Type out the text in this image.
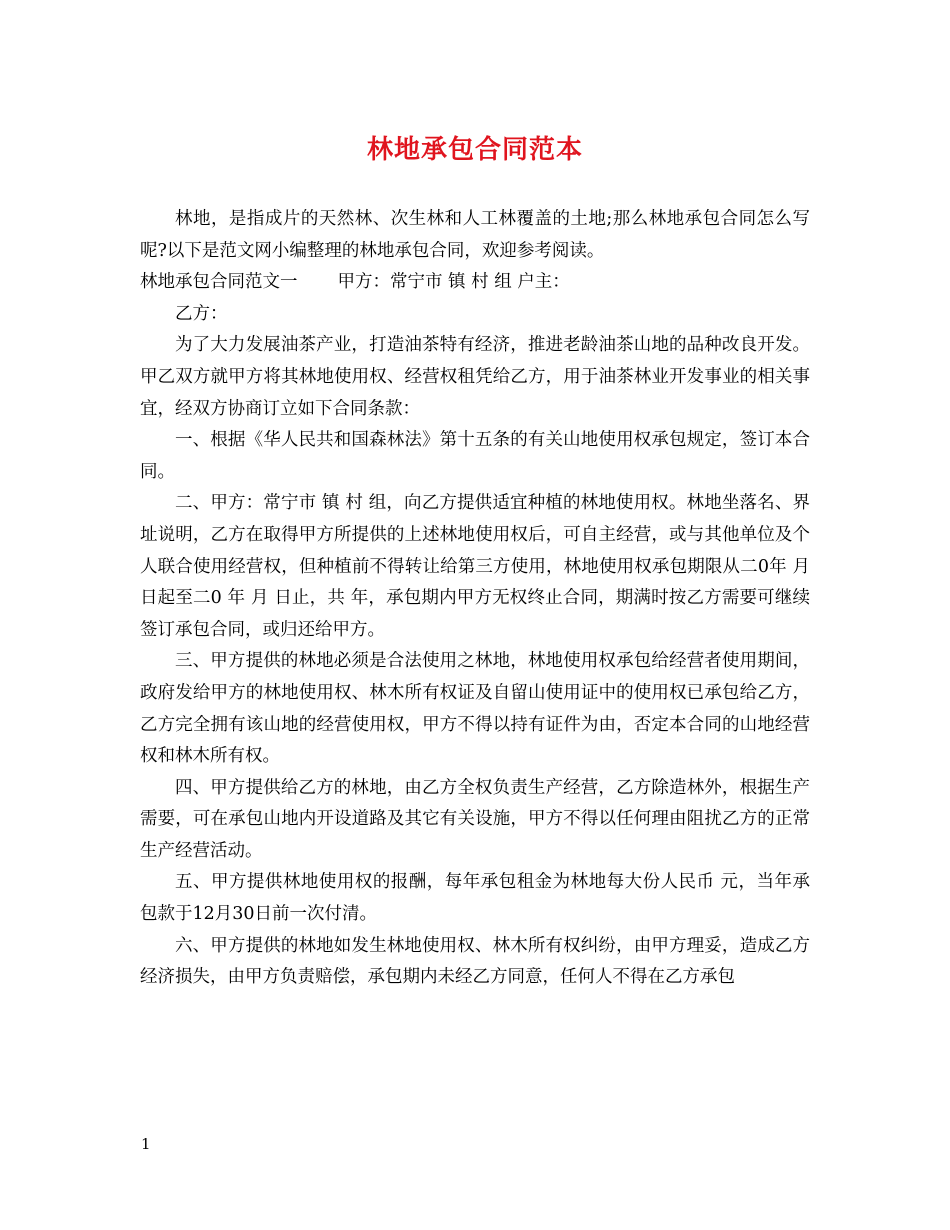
林地承包合同范本

林地，是指成片的天然林、次生林和人工林覆盖的土地;那么林地承包合同怎么写呢?以下是范文网小编整理的林地承包合同，欢迎参考阅读。

林地承包合同范文一 甲方：常宁市 镇 村 组 户主：

乙方：

为了大力发展油茶产业，打造油茶特有经济，推进老龄油茶山地的品种改良开发。甲乙双方就甲方将其林地使用权、经营权租凭给乙方，用于油茶林业开发事业的相关事宜，经双方协商订立如下合同条款：

一、根据《华人民共和国森林法》第十五条的有关山地使用权承包规定，签订本合同。

二、甲方：常宁市 镇 村 组，向乙方提供适宜种植的林地使用权。林地坐落名、界址说明，乙方在取得甲方所提供的上述林地使用权后，可自主经营，或与其他单位及个人联合使用经营权，但种植前不得转让给第三方使用，林地使用权承包期限从二0年 月 日起至二0 年 月 日止，共 年，承包期内甲方无权终止合同，期满时按乙方需要可继续签订承包合同，或归还给甲方。

三、甲方提供的林地必须是合法使用之林地，林地使用权承包给经营者使用期间，政府发给甲方的林地使用权、林木所有权证及自留山使用证中的使用权已承包给乙方，乙方完全拥有该山地的经营使用权，甲方不得以持有证件为由，否定本合同的山地经营权和林木所有权。

四、甲方提供给乙方的林地，由乙方全权负责生产经营，乙方除造林外，根据生产需要，可在承包山地内开设道路及其它有关设施，甲方不得以任何理由阻扰乙方的正常生产经营活动。

五、甲方提供林地使用权的报酬，每年承包租金为林地每大份人民币 元，当年承包款于12月30日前一次付清。

六、甲方提供的林地如发生林地使用权、林木所有权纠纷，由甲方理妥，造成乙方经济损失，由甲方负责赔偿，承包期内未经乙方同意，任何人不得在乙方承包

1
